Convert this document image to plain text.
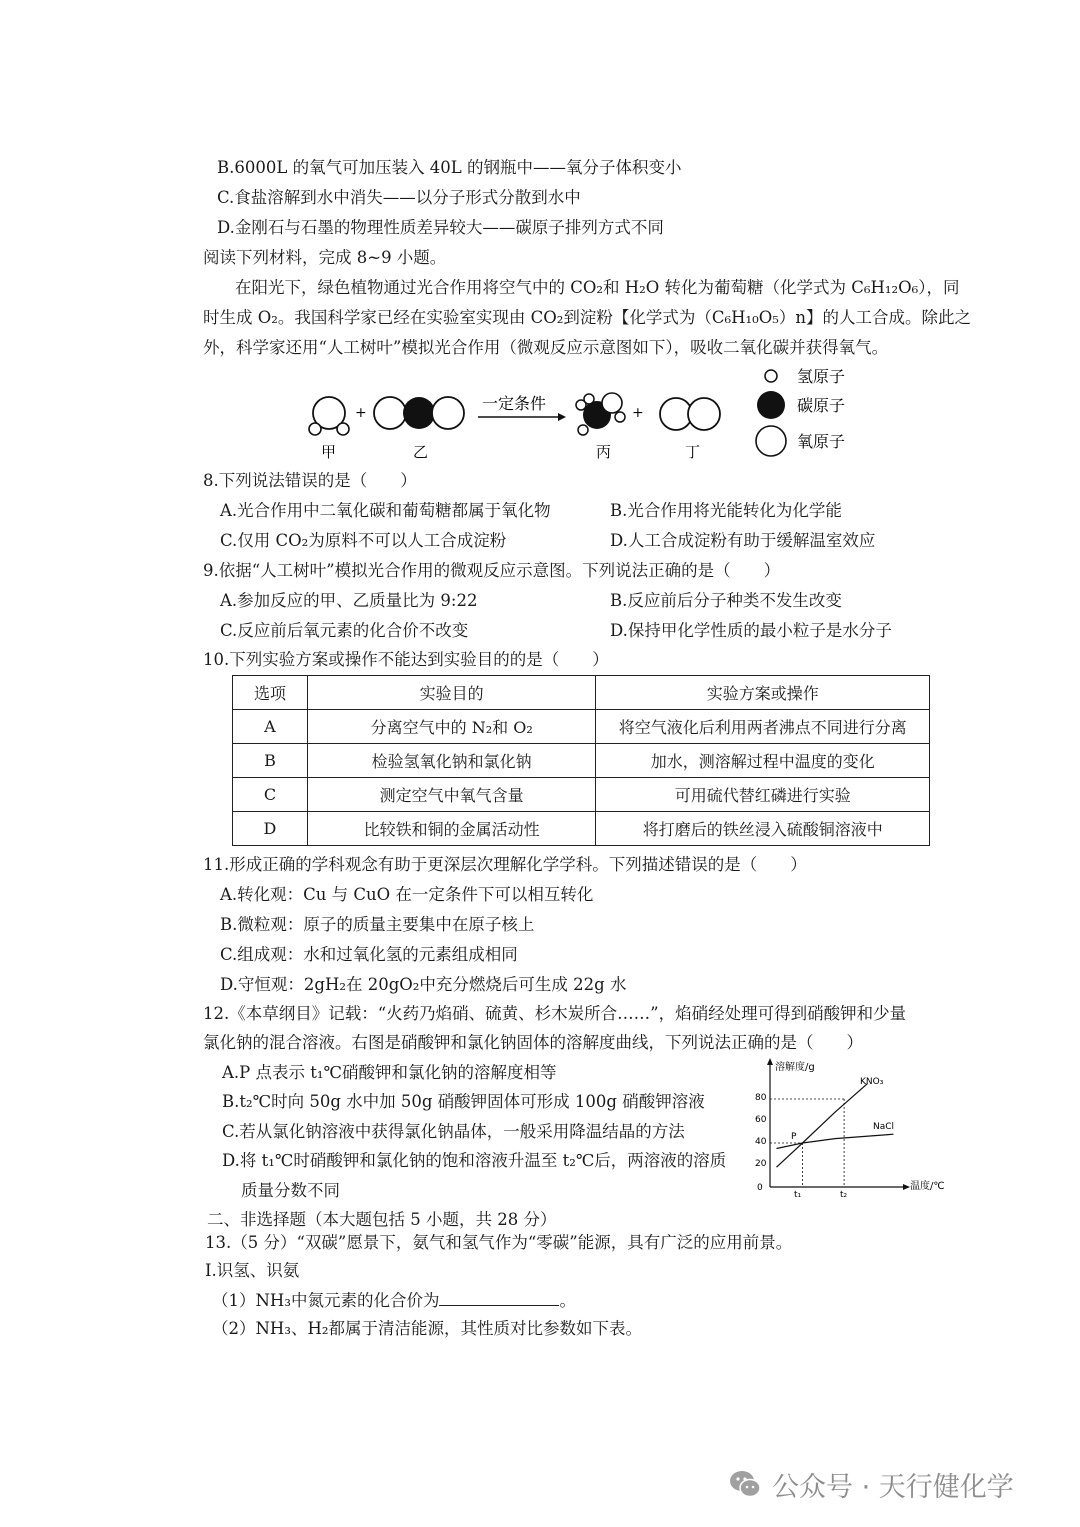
B.6000L 的氧气可加压装入 40L 的钢瓶中——氧分子体积变小
C.食盐溶解到水中消失——以分子形式分散到水中
D.金刚石与石墨的物理性质差异较大——碳原子排列方式不同
阅读下列材料，完成 8~9 小题。
在阳光下，绿色植物通过光合作用将空气中的 CO₂和 H₂O 转化为葡萄糖（化学式为 C₆H₁₂O₆），同
时生成 O₂。我国科学家已经在实验室实现由 CO₂到淀粉【化学式为（C₆H₁₀O₅）n】的人工合成。除此之
外，科学家还用“人工树叶”模拟光合作用（微观反应示意图如下），吸收二氧化碳并获得氧气。
+	一定条件	+
甲	乙	丙	丁
氢原子
碳原子
氧原子
8.下列说法错误的是（　　）
A.光合作用中二氧化碳和葡萄糖都属于氧化物	B.光合作用将光能转化为化学能
C.仅用 CO₂为原料不可以人工合成淀粉	D.人工合成淀粉有助于缓解温室效应
9.依据“人工树叶”模拟光合作用的微观反应示意图。下列说法正确的是（　　）
A.参加反应的甲、乙质量比为 9:22	B.反应前后分子种类不发生改变
C.反应前后氧元素的化合价不改变	D.保持甲化学性质的最小粒子是水分子
10.下列实验方案或操作不能达到实验目的的是（　　）
选项	实验目的	实验方案或操作
A	分离空气中的 N₂和 O₂	将空气液化后利用两者沸点不同进行分离
B	检验氢氧化钠和氯化钠	加水，测溶解过程中温度的变化
C	测定空气中氧气含量	可用硫代替红磷进行实验
D	比较铁和铜的金属活动性	将打磨后的铁丝浸入硫酸铜溶液中
11.形成正确的学科观念有助于更深层次理解化学学科。下列描述错误的是（　　）
A.转化观：Cu 与 CuO 在一定条件下可以相互转化
B.微粒观：原子的质量主要集中在原子核上
C.组成观：水和过氧化氢的元素组成相同
D.守恒观：2gH₂在 20gO₂中充分燃烧后可生成 22g 水
12.《本草纲目》记载：“火药乃焰硝、硫黄、杉木炭所合……”，焰硝经处理可得到硝酸钾和少量
氯化钠的混合溶液。右图是硝酸钾和氯化钠固体的溶解度曲线，下列说法正确的是（　　）
A.P 点表示 t₁℃硝酸钾和氯化钠的溶解度相等
B.t₂℃时向 50g 水中加 50g 硝酸钾固体可形成 100g 硝酸钾溶液
C.若从氯化钠溶液中获得氯化钠晶体，一般采用降温结晶的方法
D.将 t₁℃时硝酸钾和氯化钠的饱和溶液升温至 t₂℃后，两溶液的溶质
质量分数不同
溶解度/g
温度/℃
80
60
40
20
0
t₁	t₂
KNO₃
NaCl
P
二、非选择题（本大题包括 5 小题，共 28 分）
13.（5 分）“双碳”愿景下，氨气和氢气作为“零碳”能源，具有广泛的应用前景。
Ⅰ.识氢、识氨
（1）NH₃中氮元素的化合价为	。
（2）NH₃、H₂都属于清洁能源，其性质对比参数如下表。
公众号 · 天行健化学
